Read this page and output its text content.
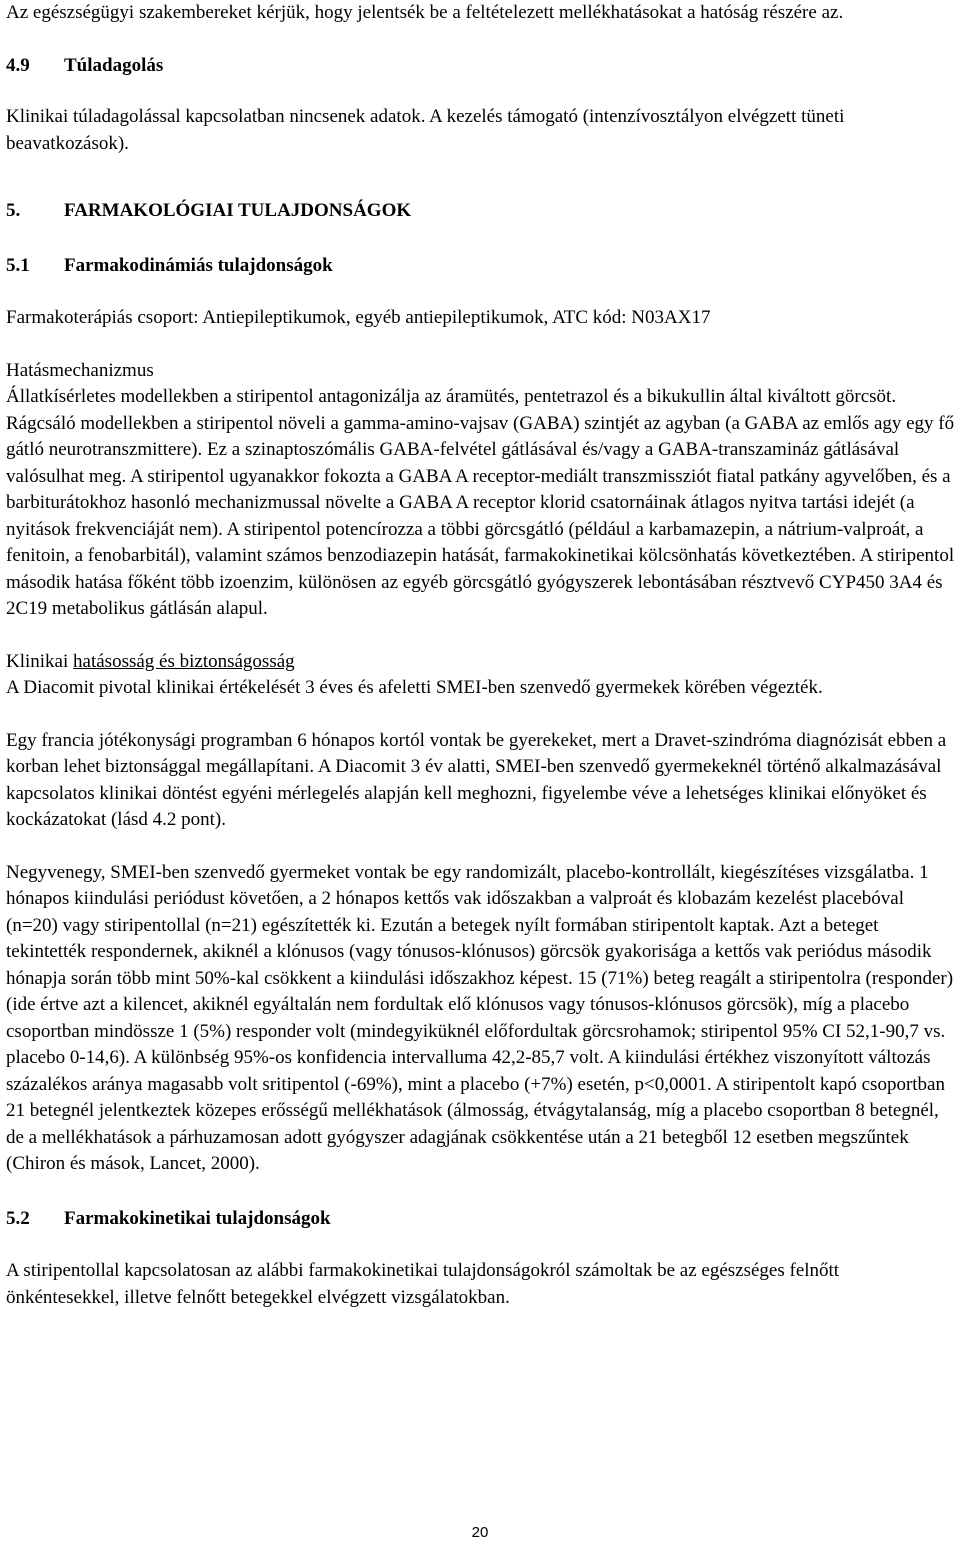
Az egészségügyi szakembereket kérjük, hogy jelentsék be a feltételezett mellékhatásokat a hatóság részére az.

4.9	Túladagolás

Klinikai túladagolással kapcsolatban nincsenek adatok. A kezelés támogató (intenzívosztályon elvégzett tüneti beavatkozások).

5.	FARMAKOLÓGIAI TULAJDONSÁGOK
5.1	Farmakodinámiás tulajdonságok

Farmakoterápiás csoport: Antiepileptikumok, egyéb antiepileptikumok, ATC kód: N03AX17

Hatásmechanizmus

Állatkísérletes modellekben a stiripentol antagonizálja az áramütés, pentetrazol és a bikukullin által kiváltott görcsöt. Rágcsáló modellekben a stiripentol növeli a gamma-amino-vajsav (GABA) szintjét az agyban (a GABA az emlős agy egy fő gátló neurotranszmittere). Ez a szinaptoszómális GABA-felvétel gátlásával és/vagy a GABA-transzamináz gátlásával valósulhat meg. A stiripentol ugyanakkor fokozta a GABA A receptor-mediált transzmissziót fiatal patkány agyvelőben, és a barbiturátokhoz hasonló mechanizmussal növelte a GABA A receptor klorid csatornáinak átlagos nyitva tartási idejét (a nyitások frekvenciáját nem). A stiripentol potencírozza a többi görcsgátló (például a karbamazepin, a nátrium-valproát, a fenitoin, a fenobarbitál), valamint számos benzodiazepin hatását, farmakokinetikai kölcsönhatás következtében. A stiripentol második hatása főként több izoenzim, különösen az egyéb görcsgátló gyógyszerek lebontásában résztvevő CYP450 3A4 és 2C19 metabolikus gátlásán alapul.

Klinikai hatásosság és biztonságosság

A Diacomit pivotal klinikai értékelését 3 éves és afeletti SMEI-ben szenvedő gyermekek körében végezték.

Egy francia jótékonysági programban 6 hónapos kortól vontak be gyerekeket, mert a Dravet-szindróma diagnózisát ebben a korban lehet biztonsággal megállapítani. A Diacomit 3 év alatti, SMEI-ben szenvedő gyermekeknél történő alkalmazásával kapcsolatos klinikai döntést egyéni mérlegelés alapján kell meghozni, figyelembe véve a lehetséges klinikai előnyöket és kockázatokat (lásd 4.2 pont).

Negyvenegy, SMEI-ben szenvedő gyermeket vontak be egy randomizált, placebo-kontrollált, kiegészítéses vizsgálatba. 1 hónapos kiindulási periódust követően, a 2 hónapos kettős vak időszakban a valproát és klobazám kezelést placebóval (n=20) vagy stiripentollal (n=21) egészítették ki. Ezután a betegek nyílt formában stiripentolt kaptak. Azt a beteget tekintették respondernek, akiknél a klónusos (vagy tónusos-klónusos) görcsök gyakorisága a kettős vak periódus második hónapja során több mint 50%-kal csökkent a kiindulási időszakhoz képest. 15 (71%) beteg reagált a stiripentolra (responder) (ide értve azt a kilencet, akiknél egyáltalán nem fordultak elő klónusos vagy tónusos-klónusos görcsök), míg a placebo csoportban mindössze 1 (5%) responder volt (mindegyiküknél előfordultak görcsrohamok; stiripentol 95% CI 52,1-90,7 vs. placebo 0-14,6). A különbség 95%-os konfidencia intervalluma 42,2-85,7 volt. A kiindulási értékhez viszonyított változás százalékos aránya magasabb volt sritipentol (-69%), mint a placebo (+7%) esetén, p<0,0001. A stiripentolt kapó csoportban 21 betegnél jelentkeztek közepes erősségű mellékhatások (álmosság, étvágytalanság, míg a placebo csoportban 8 betegnél, de a mellékhatások a párhuzamosan adott gyógyszer adagjának csökkentése után a 21 betegből 12 esetben megszűntek (Chiron és mások, Lancet, 2000).

5.2	Farmakokinetikai tulajdonságok

A stiripentollal kapcsolatosan az alábbi farmakokinetikai tulajdonságokról számoltak be az egészséges felnőtt önkéntesekkel, illetve felnőtt betegekkel elvégzett vizsgálatokban.

20
